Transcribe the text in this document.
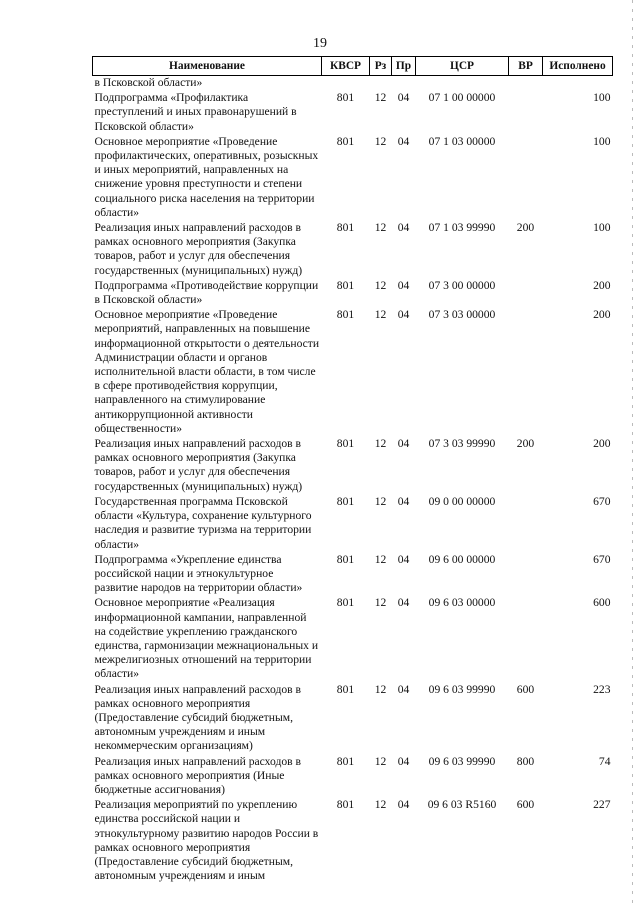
19
Наименование	КВСР	Рз	Пр	ЦСР	ВР	Исполнено
в Псковской области»						
Подпрограмма «Профилактика преступлений и иных правонарушений в Псковской области»	801	12	04	07 1 00 00000		100
Основное мероприятие «Проведение профилактических, оперативных, розыскных и иных мероприятий, направленных на снижение уровня преступности и степени социального риска населения на территории области»	801	12	04	07 1 03 00000		100
Реализация иных направлений расходов в рамках основного мероприятия (Закупка товаров, работ и услуг для обеспечения государственных (муниципальных) нужд)	801	12	04	07 1 03 99990	200	100
Подпрограмма «Противодействие коррупции в Псковской области»	801	12	04	07 3 00 00000		200
Основное мероприятие «Проведение мероприятий, направленных на повышение информационной открытости о деятельности Администрации области и органов исполнительной власти области, в том числе в сфере противодействия коррупции, направленного на стимулирование антикоррупционной активности общественности»	801	12	04	07 3 03 00000		200
Реализация иных направлений расходов в рамках основного мероприятия (Закупка товаров, работ и услуг для обеспечения государственных (муниципальных) нужд)	801	12	04	07 3 03 99990	200	200
Государственная программа Псковской области «Культура, сохранение культурного наследия и развитие туризма на территории области»	801	12	04	09 0 00 00000		670
Подпрограмма «Укрепление единства российской нации и этнокультурное развитие народов на территории области»	801	12	04	09 6 00 00000		670
Основное мероприятие «Реализация информационной кампании, направленной на содействие укреплению гражданского единства, гармонизации межнациональных и межрелигиозных отношений на территории области»	801	12	04	09 6 03 00000		600
Реализация иных направлений расходов в рамках основного мероприятия (Предоставление субсидий бюджетным, автономным учреждениям и иным некоммерческим организациям)	801	12	04	09 6 03 99990	600	223
Реализация иных направлений расходов в рамках основного мероприятия (Иные бюджетные ассигнования)	801	12	04	09 6 03 99990	800	74
Реализация мероприятий по укреплению единства российской нации и этнокультурному развитию народов России в рамках основного мероприятия (Предоставление субсидий бюджетным, автономным учреждениям и иным	801	12	04	09 6 03 R5160	600	227
